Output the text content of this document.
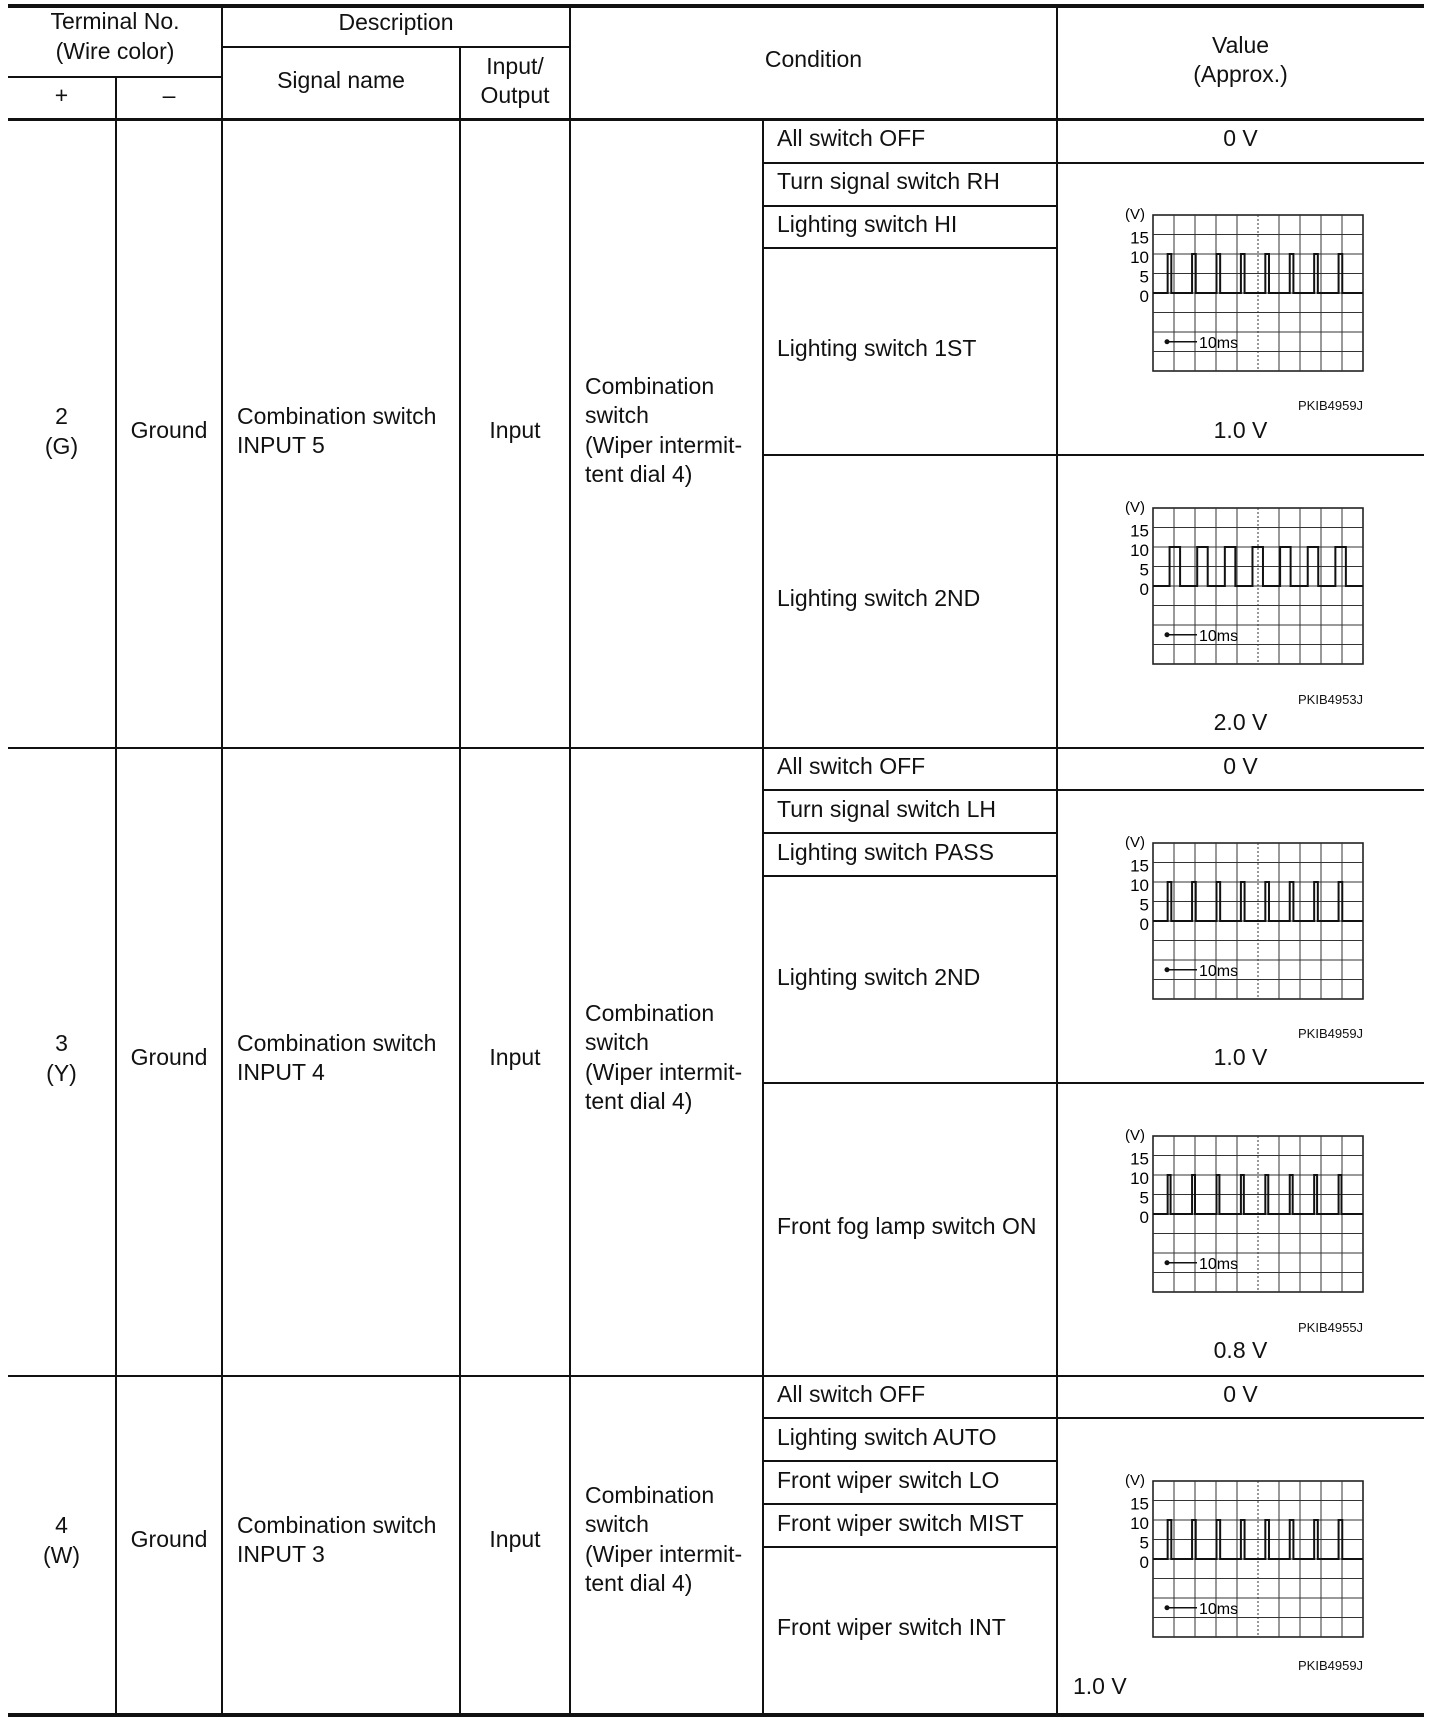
Terminal No.
(Wire color)
+	–
Description
Signal name
Input/
Output
Condition
Value
(Approx.)
2
(G)
Ground
Combination switch
INPUT 5
Input
Combination
switch
(Wiper intermit-
tent dial 4)
All switch OFF
Turn signal switch RH
Lighting switch HI
Lighting switch 1ST
Lighting switch 2ND
0 V
(V)
15
10
5
0
10ms
PKIB4959J
1.0 V
(V)
15
10
5
0
10ms
PKIB4953J
2.0 V
3
(Y)
Ground
Combination switch
INPUT 4
Input
Combination
switch
(Wiper intermit-
tent dial 4)
All switch OFF
Turn signal switch LH
Lighting switch PASS
Lighting switch 2ND
Front fog lamp switch ON
0 V
(V)
15
10
5
0
10ms
PKIB4959J
1.0 V
(V)
15
10
5
0
10ms
PKIB4955J
0.8 V
4
(W)
Ground
Combination switch
INPUT 3
Input
Combination
switch
(Wiper intermit-
tent dial 4)
All switch OFF
Lighting switch AUTO
Front wiper switch LO
Front wiper switch MIST
Front wiper switch INT
0 V
(V)
15
10
5
0
10ms
PKIB4959J
1.0 V
